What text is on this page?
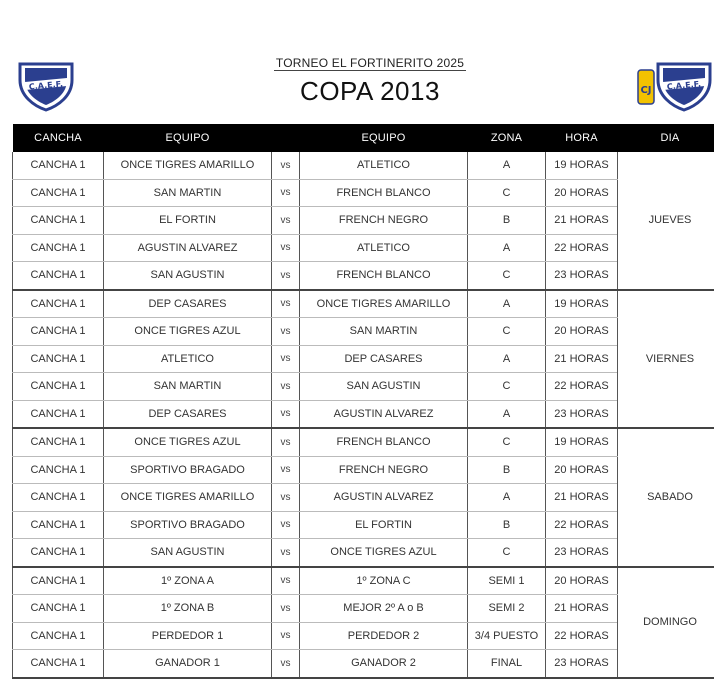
C.A.E.F.
TORNEO EL FORTINERITO 2025
COPA 2013	CJ C.A.E.F.
CANCHA	EQUIPO		EQUIPO	ZONA	HORA	DIA
CANCHA 1	ONCE TIGRES AMARILLO	vs	ATLETICO	A	19 HORAS	JUEVES
CANCHA 1	SAN MARTIN	vs	FRENCH BLANCO	C	20 HORAS	
CANCHA 1	EL FORTIN	vs	FRENCH NEGRO	B	21 HORAS	
CANCHA 1	AGUSTIN ALVAREZ	vs	ATLETICO	A	22 HORAS	
CANCHA 1	SAN AGUSTIN	vs	FRENCH BLANCO	C	23 HORAS	
CANCHA 1	DEP CASARES	vs	ONCE TIGRES AMARILLO	A	19 HORAS	VIERNES
CANCHA 1	ONCE TIGRES AZUL	vs	SAN MARTIN	C	20 HORAS	
CANCHA 1	ATLETICO	vs	DEP CASARES	A	21 HORAS	
CANCHA 1	SAN MARTIN	vs	SAN AGUSTIN	C	22 HORAS	
CANCHA 1	DEP CASARES	vs	AGUSTIN ALVAREZ	A	23 HORAS	
CANCHA 1	ONCE TIGRES AZUL	vs	FRENCH BLANCO	C	19 HORAS	SABADO
CANCHA 1	SPORTIVO BRAGADO	vs	FRENCH NEGRO	B	20 HORAS	
CANCHA 1	ONCE TIGRES AMARILLO	vs	AGUSTIN ALVAREZ	A	21 HORAS	
CANCHA 1	SPORTIVO BRAGADO	vs	EL FORTIN	B	22 HORAS	
CANCHA 1	SAN AGUSTIN	vs	ONCE TIGRES AZUL	C	23 HORAS	
CANCHA 1	1º ZONA A	vs	1º ZONA C	SEMI 1	20 HORAS	DOMINGO
CANCHA 1	1º ZONA B	vs	MEJOR 2º A o B	SEMI 2	21 HORAS	
CANCHA 1	PERDEDOR 1	vs	PERDEDOR 2	3/4 PUESTO	22 HORAS	
CANCHA 1	GANADOR 1	vs	GANADOR 2	FINAL	23 HORAS	
